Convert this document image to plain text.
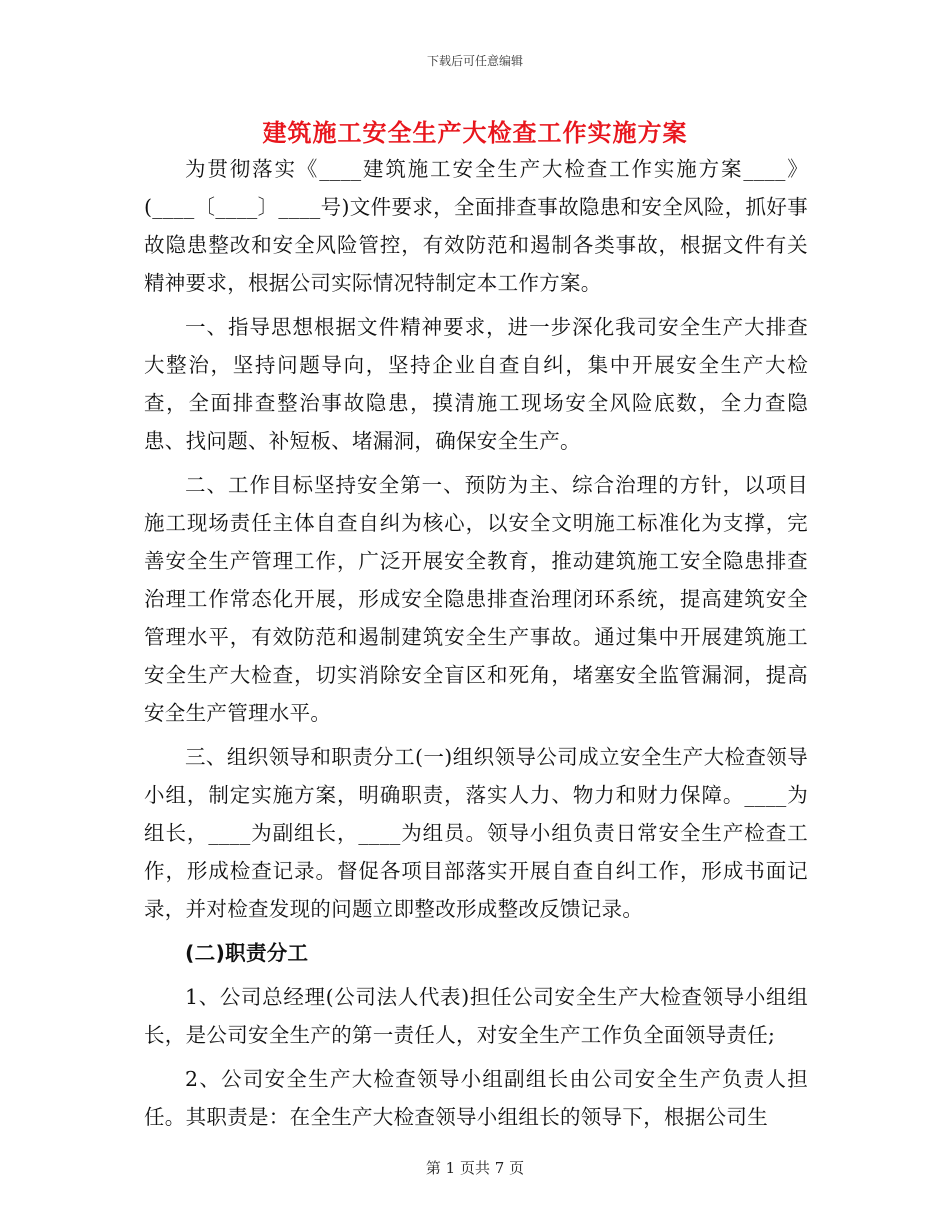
下载后可任意编辑
建筑施工安全生产大检查工作实施方案

为贯彻落实《____建筑施工安全生产大检查工作实施方案____》(____〔____〕____号)文件要求，全面排查事故隐患和安全风险，抓好事故隐患整改和安全风险管控，有效防范和遏制各类事故，根据文件有关精神要求，根据公司实际情况特制定本工作方案。

一、指导思想根据文件精神要求，进一步深化我司安全生产大排查大整治，坚持问题导向，坚持企业自查自纠，集中开展安全生产大检查，全面排查整治事故隐患，摸清施工现场安全风险底数，全力查隐患、找问题、补短板、堵漏洞，确保安全生产。

二、工作目标坚持安全第一、预防为主、综合治理的方针，以项目施工现场责任主体自查自纠为核心，以安全文明施工标准化为支撑，完善安全生产管理工作，广泛开展安全教育，推动建筑施工安全隐患排查治理工作常态化开展，形成安全隐患排查治理闭环系统，提高建筑安全管理水平，有效防范和遏制建筑安全生产事故。通过集中开展建筑施工安全生产大检查，切实消除安全盲区和死角，堵塞安全监管漏洞，提高安全生产管理水平。

三、组织领导和职责分工(一)组织领导公司成立安全生产大检查领导小组，制定实施方案，明确职责，落实人力、物力和财力保障。____为组长，____为副组长，____为组员。领导小组负责日常安全生产检查工作，形成检查记录。督促各项目部落实开展自查自纠工作，形成书面记录，并对检查发现的问题立即整改形成整改反馈记录。

(二)职责分工

1、公司总经理(公司法人代表)担任公司安全生产大检查领导小组组长，是公司安全生产的第一责任人，对安全生产工作负全面领导责任;

2、公司安全生产大检查领导小组副组长由公司安全生产负责人担任。其职责是：在全生产大检查领导小组组长的领导下，根据公司生

第 1 页共 7 页
